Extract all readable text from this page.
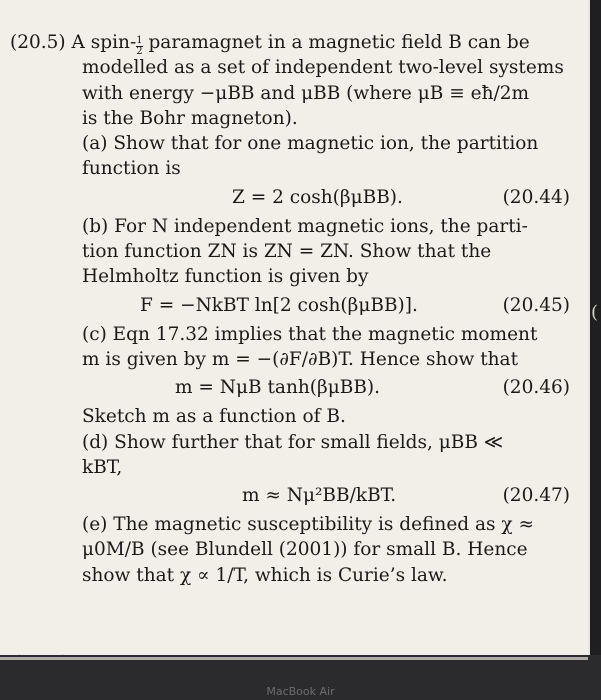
(
(20.5) A spin- $\frac{1}{2}$ paramagnet in a magnetic field B can be
modelled as a set of independent two-level systems
with energy −μBB and μBB (where μB ≡ eħ/2m
is the Bohr magneton).
(a) Show that for one magnetic ion, the partition
function is
Z = 2 cosh(βμBB).	(20.44)
(b) For N independent magnetic ions, the parti-
tion function ZN is ZN = ZN. Show that the
Helmholtz function is given by
F = −NkBT ln[2 cosh(βμBB)].	(20.45)
(c) Eqn 17.32 implies that the magnetic moment
m is given by m = −(∂F/∂B)T. Hence show that
m = NμB tanh(βμBB).	(20.46)
Sketch m as a function of B.
(d) Show further that for small fields, μBB ≪
kBT,
m ≈ Nμ²BB/kBT.	(20.47)
(e) The magnetic susceptibility is defined as χ ≈
μ0M/B (see Blundell (2001)) for small B. Hence
show that χ ∝ 1/T, which is Curie’s law.
MacBook Air
